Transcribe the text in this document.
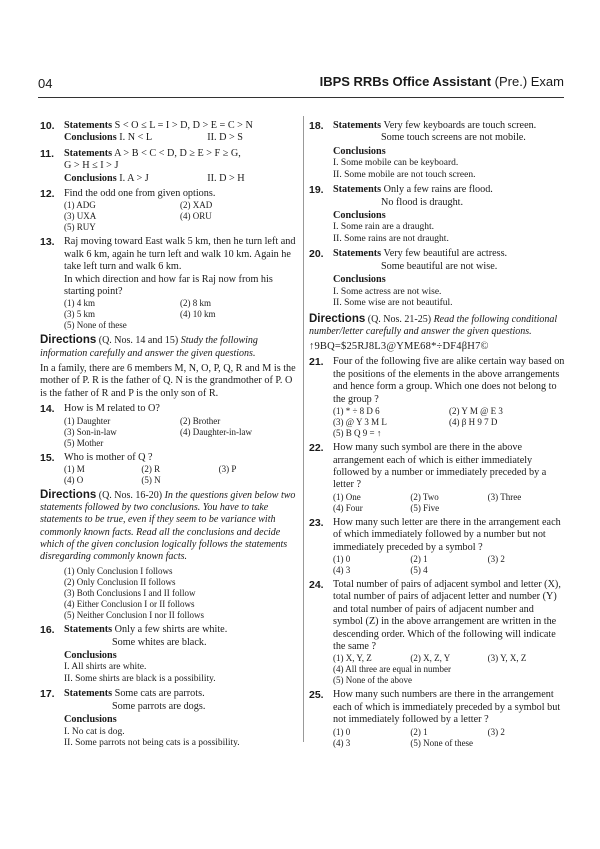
04	IBPS RRBs Office Assistant (Pre.) Exam
10. Statements S < O ≤ L = I > D, D > E = C > N
Conclusions
I. N < L	II. D > S
11. Statements A > B < C < D, D ≥ E > F ≥ G,
G > H ≤ I > J
Conclusions
I. A > J	II. D > H
12. Find the odd one from given options.
(1) ADG	(2) XAD
(3) UXA	(4) ORU
(5) RUY
13. Raj moving toward East walk 5 km, then he turn left and walk 6 km, again he turn left and walk 10 km. Again he take left turn and walk 6 km.
In which direction and how far is Raj now from his starting point?
(1) 4 km	(2) 8 km
(3) 5 km	(4) 10 km
(5) None of these
Directions (Q. Nos. 14 and 15) Study the following information carefully and answer the given questions.
In a family, there are 6 members M, N, O, P, Q, R and M is the mother of P. R is the father of Q. N is the grandmother of P. O is the father of R and P is the only son of R.
14. How is M related to O?
(1) Daughter	(2) Brother
(3) Son-in-law	(4) Daughter-in-law
(5) Mother
15. Who is mother of Q ?
(1) M	(2) R	(3) P
(4) O	(5) N
Directions (Q. Nos. 16-20) In the questions given below two statements followed by two conclusions. You have to take statements to be true, even if they seem to be variance with commonly known facts. Read all the conclusions and decide which of the given conclusion logically follows the statements disregarding commonly known facts.
(1) Only Conclusion I follows
(2) Only Conclusion II follows
(3) Both Conclusions I and II follow
(4) Either Conclusion I or II follows
(5) Neither Conclusion I nor II follows
16. Statements Only a few shirts are white.
Some whites are black.
Conclusions
I. All shirts are white.
II. Some shirts are black is a possibility.
17. Statements Some cats are parrots.
Some parrots are dogs.
Conclusions
I. No cat is dog.
II. Some parrots not being cats is a possibility.
18. Statements Very few keyboards are touch screen.
Some touch screens are not mobile.
Conclusions
I. Some mobile can be keyboard.
II. Some mobile are not touch screen.
19. Statements Only a few rains are flood.
No flood is draught.
Conclusions
I. Some rain are a draught.
II. Some rains are not draught.
20. Statements Very few beautiful are actress.
Some beautiful are not wise.
Conclusions
I. Some actress are not wise.
II. Some wise are not beautiful.
Directions (Q. Nos. 21-25) Read the following conditional number/letter carefully and answer the given questions.
↑9BQ=$25RJ8L3@YME68*÷DF4βH7©
21. Four of the following five are alike certain way based on the positions of the elements in the above arrangements and hence form a group. Which one does not belong to the group ?
(1) * ÷ 8 D 6	(2) Y M @ E 3
(3) @ Y 3 M L	(4) β H 9 7 D
(5) B Q 9 = ↑
22. How many such symbol are there in the above arrangement each of which is either immediately followed by a number or immediately preceded by a letter ?
(1) One	(2) Two	(3) Three
(4) Four	(5) Five
23. How many such letter are there in the arrangement each of which immediately followed by a number but not immediately preceded by a symbol ?
(1) 0	(2) 1	(3) 2
(4) 3	(5) 4
24. Total number of pairs of adjacent symbol and letter (X), total number of pairs of adjacent letter and number (Y) and total number of pairs of adjacent number and symbol (Z) in the above arrangement are written in the descending order. Which of the following will indicate the same ?
(1) X, Y, Z	(2) X, Z, Y	(3) Y, X, Z
(4) All three are equal in number
(5) None of the above
25. How many such numbers are there in the arrangement each of which is immediately preceded by a symbol but not immediately followed by a letter ?
(1) 0	(2) 1	(3) 2
(4) 3	(5) None of these
